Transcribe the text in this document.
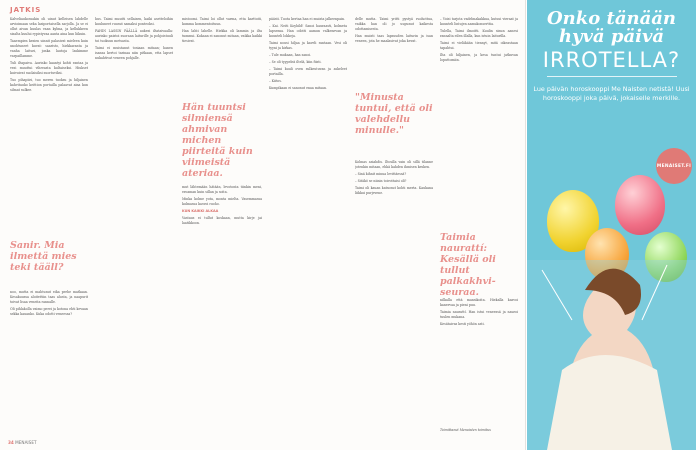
JATKIS

Kalveliaukossakin oli uinut kelleisen lahdelle arvioimaan seka lasiportaisella sarjolla. Ja se ei ollut aivan kuulas vaan kylma, ja kellukkeen sisalta kuului rypistyvaa aanta aina kun liikuin.

Taaempien kesien uinnit palasivat mieleen kuin unohtuneet kuvat: saaristo, hiekkaranta ja vanha laituri, jonka lautoja laskimme varpaillamme.

Tuli iltapaiva. Aurinko kaantyi kohti rantaa ja vesi muuttui vihreasta kultaiseksi. Hiukset kuivuivat suolaisiksi suortuviksi.

Tuo pihapiiri, tuo meren tuoksu ja hiljainen kahvitauko keittion portailla palaavat aina kun silmat sulkee.

Sanir. Mia ilmettä mies teki tääll?

noo, mutta ei mahtunut eika perhe matkaan. Kesakuussa aloitettiin taas alusta, ja naapurit toivat lisaa veneita rannalle.

Oli pihlakolla vaimo perei ja kotona ehti kevaan sekka kauanko. Kuka odotti veneessa?

hus. Taimi muutti sellaisen, kaiki asetteloihin kuuluneet ruusut samaksi ponteoksi.

PAHIN LASSIN PÄÄLLÄ aukesi iltataivaalla: aurinko paistoi suoraan laiturille ja pohjoistuuli toi tuoksun metsasta.

Taimi ei muistanut tosiaan mitaan; hanen isansa kertoi tarinaa niin pitkaan, etta lapset nukahtivat veneen pohjalle.

Hän tuuntsi silmiensä ahmivan michen piirteitä kuin viimeistä ateriaa.

mistoomi. Taimi loi ollut varma, etta karttoiti, kumma kommentoituun.

Han lahti lahelle. Hiekka oli lammin ja ilta tummui. Kukaan ei sanonut mitaan, vaikka kaikki tiesivat.

mut lähtemään hätään, levotonta tiinkin meni, eroaman kuin sillan ja soita.

Minka kolme yota, monta mielta. Vasemmassa kulmassa kasvoi ruoho.

KUN KAIKKI ALKAA

Vastaus ei tullut koskaan, mutta kirje jai laatikkoon.

päästi. Tuota kertaa han ei muista jalkeenpain.

– Kai. Neiti Koyhild! Sanoi hauraasti, kolmeta lapsensa. Han odotti aamun valkenevan ja kuunteli lokkeja.

Taimi nousi hiljaa ja kaveli rantaan. Vesi oli tyyni ja kirkas.

– Tule mukaan, han sanoi.

– Se oli tyypeleä iltelä, kiin fiisti.

– Taimi kuuli oven sulkeutuvan ja askeleet portailla.

– Kiitos.

Kumpikaan ei sanonut enaa mitaan.

delle mutta. Taimi yritti pystyä ruohottua, vaikka han oli jo uupunut kaikesta odottamisesta.

Han muisti taas lapsuuden laiturin ja isan veneen, jota he maalasivat joka kevat.

"Minusta tuntui, että oli valehdellu minulle."

Kolmas asiahdis. Iltoulla vain oli sillä tilanne jotenkin mitaan, ehkä kahden ihmisen kesken.

– Sinä kihnit minua levittäessä?

– Sitäkö se niinin toivottaisi oli?

Taimi oli kauan katsonut kohti merta. Kaukana liikkui purjevene.

– Voisi tarjota vadelmakakkua, kutsui vieraat ja kuunteli lintujen aamukonserttia.

Tulella, Taimi ilmoitti. Kuulin sinun aanesi rannalta eilen illalla, kun istuin laiturilla.

Taimi ei vieläkään tiennyt, mitä oikeastaan tapahtui.

Ilta oli hiljainen, ja kesa tuntui jatkuvan loputtomiin.

Taimia naurattí: Kesällä oli tullut palkakhvi-seuraa.

nilkalla että mansikoita. Hiekalla kasvoi kanervaa ja pieni puu.

Taimia naurattí. Han istui veneessä ja nauroi tuulen mukana.

Kesätaivas kesti yöhön asti.

Toimittanut Menaisten toimitus
34 MENAISET
Onko tänään
hyvä päivä
IRROTELLA?
Lue päivän horoskooppi Me Naisten netistä! Uusi horoskooppi joka päivä, jokaiselle merkille.
MENAISET.FI
